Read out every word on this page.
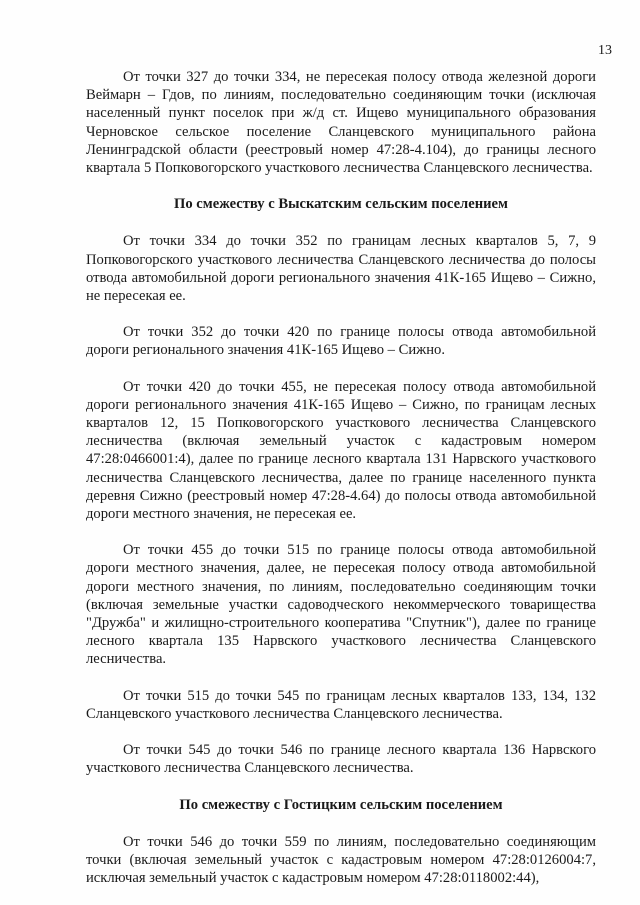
13

От точки 327 до точки 334, не пересекая полосу отвода железной дороги Веймарн – Гдов, по линиям, последовательно соединяющим точки (исключая населенный пункт поселок при ж/д ст. Ищево муниципального образования Черновское сельское поселение Сланцевского муниципального района Ленинградской области (реестровый номер 47:28-4.104), до границы лесного квартала 5 Попковогорского участкового лесничества Сланцевского лесничества.

По смежеству с Выскатским сельским поселением

От точки 334 до точки 352 по границам лесных кварталов 5, 7, 9 Попковогорского участкового лесничества Сланцевского лесничества до полосы отвода автомобильной дороги регионального значения 41К-165 Ищево – Сижно, не пересекая ее.

От точки 352 до точки 420 по границе полосы отвода автомобильной дороги регионального значения 41К-165 Ищево – Сижно.

От точки 420 до точки 455, не пересекая полосу отвода автомобильной дороги регионального значения 41К-165 Ищево – Сижно, по границам лесных кварталов 12, 15 Попковогорского участкового лесничества Сланцевского лесничества (включая земельный участок с кадастровым номером 47:28:0466001:4), далее по границе лесного квартала 131 Нарвского участкового лесничества Сланцевского лесничества, далее по границе населенного пункта деревня Сижно (реестровый номер 47:28-4.64) до полосы отвода автомобильной дороги местного значения, не пересекая ее.

От точки 455 до точки 515 по границе полосы отвода автомобильной дороги местного значения, далее, не пересекая полосу отвода автомобильной дороги местного значения, по линиям, последовательно соединяющим точки (включая земельные участки садоводческого некоммерческого товарищества "Дружба" и жилищно-строительного кооператива "Спутник"), далее по границе лесного квартала 135 Нарвского участкового лесничества Сланцевского лесничества.

От точки 515 до точки 545 по границам лесных кварталов 133, 134, 132 Сланцевского участкового лесничества Сланцевского лесничества.

От точки 545 до точки 546 по границе лесного квартала 136 Нарвского участкового лесничества Сланцевского лесничества.

По смежеству с Гостицким сельским поселением

От точки 546 до точки 559 по линиям, последовательно соединяющим точки (включая земельный участок с кадастровым номером 47:28:0126004:7, исключая земельный участок с кадастровым номером 47:28:0118002:44),
